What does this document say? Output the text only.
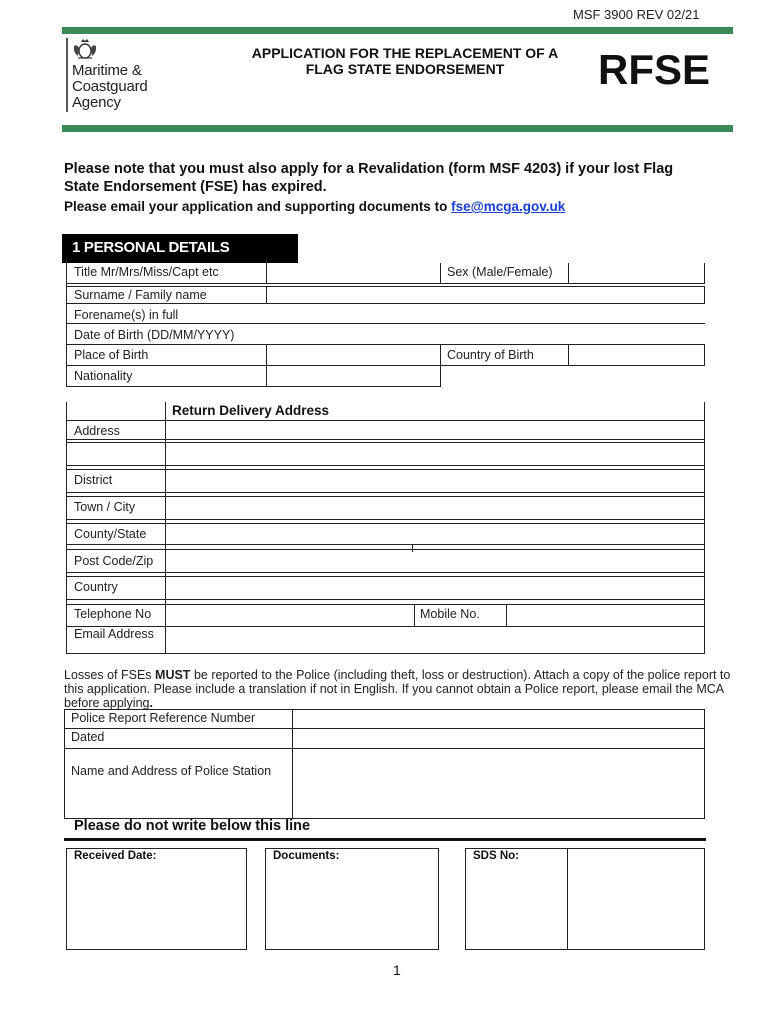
MSF 3900 REV 02/21
Maritime &
Coastguard
Agency
APPLICATION FOR THE REPLACEMENT OF A
FLAG STATE ENDORSEMENT	RFSE
Please note that you must also apply for a Revalidation (form MSF 4203) if your lost Flag
State Endorsement (FSE) has expired.
Please email your application and supporting documents to fse@mcga.gov.uk
1 PERSONAL DETAILS
Title Mr/Mrs/Miss/Capt etc	Sex (Male/Female)
Surname / Family name
Forename(s) in full
Date of Birth (DD/MM/YYYY)
Place of Birth	Country of Birth
Nationality
Return Delivery Address
Address
District
Town / City
County/State
Post Code/Zip
Country
Telephone No	Mobile No.
Email Address
Losses of FSEs MUST be reported to the Police (including theft, loss or destruction). Attach a copy of the police report to this application. Please include a translation if not in English. If you cannot obtain a Police report, please email the MCA before applying.
Police Report Reference Number
Dated
Name and Address of Police Station
Please do not write below this line
Received Date:	Documents:	SDS No:
1
